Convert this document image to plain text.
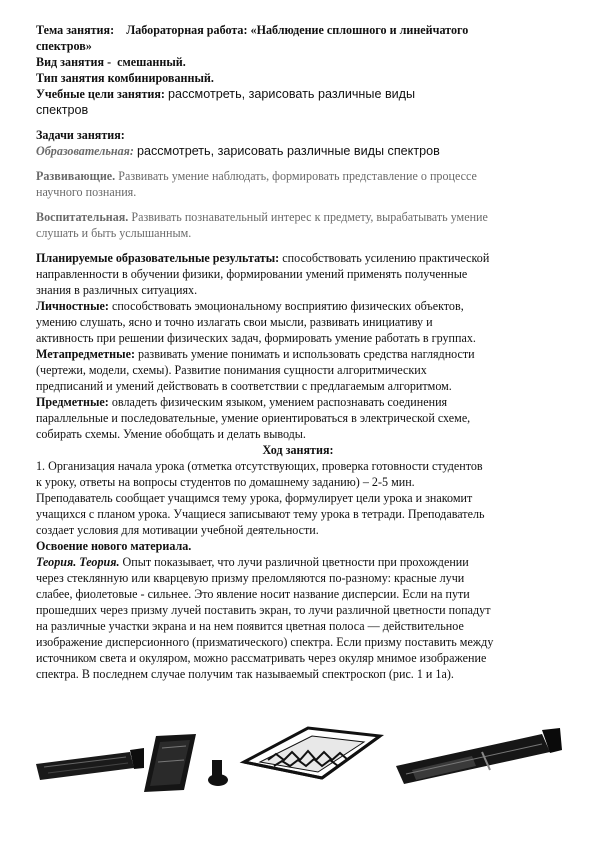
Тема занятия: Лабораторная работа: «Наблюдение сплошного и линейчатого
спектров»
Вид занятия - смешанный.
Тип занятия комбинированный.
Учебные цели занятия: рассмотреть, зарисовать различные виды
спектров
Задачи занятия:
Образовательная: рассмотреть, зарисовать различные виды спектров
Развивающие. Развивать умение наблюдать, формировать представление о процессе
научного познания.
Воспитательная. Развивать познавательный интерес к предмету, вырабатывать умение
слушать и быть услышанным.
Планируемые образовательные результаты: способствовать усилению практической
направленности в обучении физики, формировании умений применять полученные
знания в различных ситуациях.
Личностные: способствовать эмоциональному восприятию физических объектов,
умению слушать, ясно и точно излагать свои мысли, развивать инициативу и
активность при решении физических задач, формировать умение работать в группах.
Метапредметные: развивать умение понимать и использовать средства наглядности
(чертежи, модели, схемы). Развитие понимания сущности алгоритмических
предписаний и умений действовать в соответствии с предлагаемым алгоритмом.
Предметные: овладеть физическим языком, умением распознавать соединения
параллельные и последовательные, умение ориентироваться в электрической схеме,
собирать схемы. Умение обобщать и делать выводы.
Ход занятия:
1. Организация начала урока (отметка отсутствующих, проверка готовности студентов
к уроку, ответы на вопросы студентов по домашнему заданию) – 2-5 мин.
Преподаватель сообщает учащимся тему урока, формулирует цели урока и знакомит
учащихся с планом урока. Учащиеся записывают тему урока в тетради. Преподаватель
создает условия для мотивации учебной деятельности.
Освоение нового материала.
Теория. Теория. Опыт показывает, что лучи различной цветности при прохождении
через стеклянную или кварцевую призму преломляются по-разному: красные лучи
слабее, фиолетовые - сильнее. Это явление носит название дисперсии. Если на пути
прошедших через призму лучей поставить экран, то лучи различной цветности попадут
на различные участки экрана и на нем появится цветная полоса — действительное
изображение дисперсионного (призматического) спектра. Если призму поставить между
источником света и окуляром, можно рассматривать через окуляр мнимое изображение
спектра. В последнем случае получим так называемый спектроскоп (рис. 1 и 1а).
